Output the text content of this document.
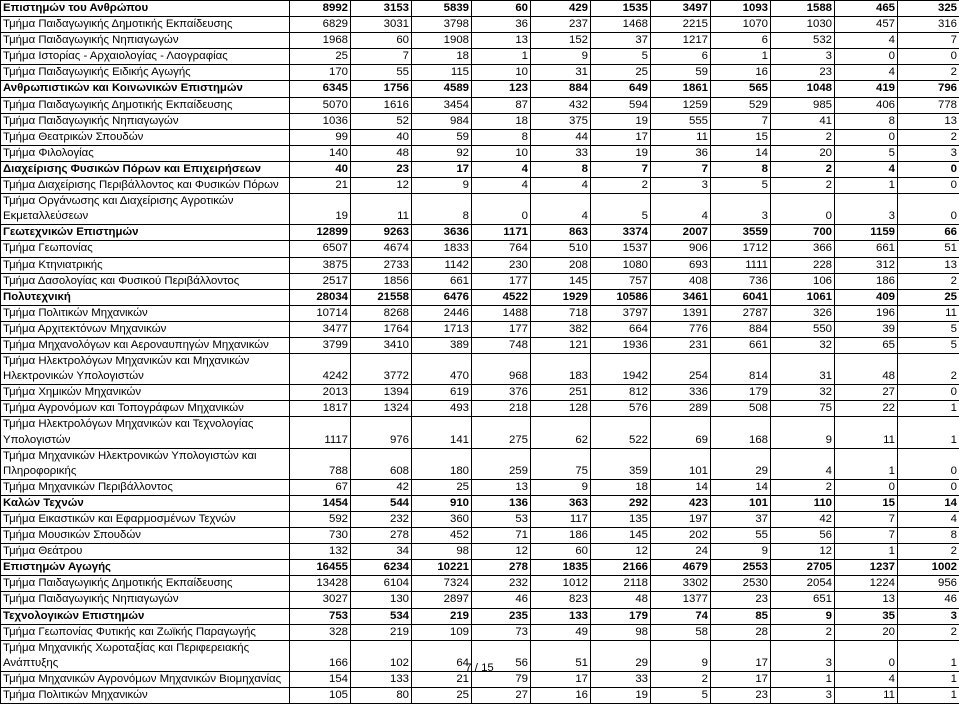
Επιστημών του Ανθρώπου	8992	3153	5839	60	429	1535	3497	1093	1588	465	325
Τμήμα Παιδαγωγικής Δημοτικής Εκπαίδευσης	6829	3031	3798	36	237	1468	2215	1070	1030	457	316
Τμήμα Παιδαγωγικής Νηπιαγωγών	1968	60	1908	13	152	37	1217	6	532	4	7
Τμήμα Ιστορίας - Αρχαιολογίας - Λαογραφίας	25	7	18	1	9	5	6	1	3	0	0
Τμήμα Παιδαγωγικής Ειδικής Αγωγής	170	55	115	10	31	25	59	16	23	4	2
Ανθρωπιστικών και Κοινωνικών Επιστημών	6345	1756	4589	123	884	649	1861	565	1048	419	796
Τμήμα Παιδαγωγικής Δημοτικής Εκπαίδευσης	5070	1616	3454	87	432	594	1259	529	985	406	778
Τμήμα Παιδαγωγικής Νηπιαγωγών	1036	52	984	18	375	19	555	7	41	8	13
Τμήμα Θεατρικών Σπουδών	99	40	59	8	44	17	11	15	2	0	2
Τμήμα Φιλολογίας	140	48	92	10	33	19	36	14	20	5	3
Διαχείρισης Φυσικών Πόρων και Επιχειρήσεων	40	23	17	4	8	7	7	8	2	4	0
Τμήμα Διαχείρισης Περιβάλλοντος και Φυσικών Πόρων	21	12	9	4	4	2	3	5	2	1	0
Τμήμα Οργάνωσης και Διαχείρισης Αγροτικών Εκμεταλλεύσεων	19	11	8	0	4	5	4	3	0	3	0
Γεωτεχνικών Επιστημών	12899	9263	3636	1171	863	3374	2007	3559	700	1159	66
Τμήμα Γεωπονίας	6507	4674	1833	764	510	1537	906	1712	366	661	51
Τμήμα Κτηνιατρικής	3875	2733	1142	230	208	1080	693	1111	228	312	13
Τμήμα Δασολογίας και Φυσικού Περιβάλλοντος	2517	1856	661	177	145	757	408	736	106	186	2
Πολυτεχνική	28034	21558	6476	4522	1929	10586	3461	6041	1061	409	25
Τμήμα Πολιτικών Μηχανικών	10714	8268	2446	1488	718	3797	1391	2787	326	196	11
Τμήμα Αρχιτεκτόνων Μηχανικών	3477	1764	1713	177	382	664	776	884	550	39	5
Τμήμα Μηχανολόγων και Αεροναυπηγών Μηχανικών	3799	3410	389	748	121	1936	231	661	32	65	5
Τμήμα Ηλεκτρολόγων Μηχανικών και Μηχανικών Ηλεκτρονικών Υπολογιστών	4242	3772	470	968	183	1942	254	814	31	48	2
Τμήμα Χημικών Μηχανικών	2013	1394	619	376	251	812	336	179	32	27	0
Τμήμα Αγρονόμων και Τοπογράφων Μηχανικών	1817	1324	493	218	128	576	289	508	75	22	1
Τμήμα Ηλεκτρολόγων Μηχανικών και Τεχνολογίας Υπολογιστών	1117	976	141	275	62	522	69	168	9	11	1
Τμήμα Μηχανικών Ηλεκτρονικών Υπολογιστών και Πληροφορικής	788	608	180	259	75	359	101	29	4	1	0
Τμήμα Μηχανικών Περιβάλλοντος	67	42	25	13	9	18	14	14	2	0	0
Καλών Τεχνών	1454	544	910	136	363	292	423	101	110	15	14
Τμήμα Εικαστικών και Εφαρμοσμένων Τεχνών	592	232	360	53	117	135	197	37	42	7	4
Τμήμα Μουσικών Σπουδών	730	278	452	71	186	145	202	55	56	7	8
Τμήμα Θεάτρου	132	34	98	12	60	12	24	9	12	1	2
Επιστημών Αγωγής	16455	6234	10221	278	1835	2166	4679	2553	2705	1237	1002
Τμήμα Παιδαγωγικής Δημοτικής Εκπαίδευσης	13428	6104	7324	232	1012	2118	3302	2530	2054	1224	956
Τμήμα Παιδαγωγικής Νηπιαγωγών	3027	130	2897	46	823	48	1377	23	651	13	46
Τεχνολογικών Επιστημών	753	534	219	235	133	179	74	85	9	35	3
Τμήμα Γεωπονίας Φυτικής και Ζωϊκής Παραγωγής	328	219	109	73	49	98	58	28	2	20	2
Τμήμα Μηχανικής Χωροταξίας και Περιφερειακής Ανάπτυξης	166	102	64	56	51	29	9	17	3	0	1
Τμήμα Μηχανικών Αγρονόμων Μηχανικών Βιομηχανίας	154	133	21	79	17	33	2	17	1	4	1
Τμήμα Πολιτικών Μηχανικών	105	80	25	27	16	19	5	23	3	11	1
7 / 15
